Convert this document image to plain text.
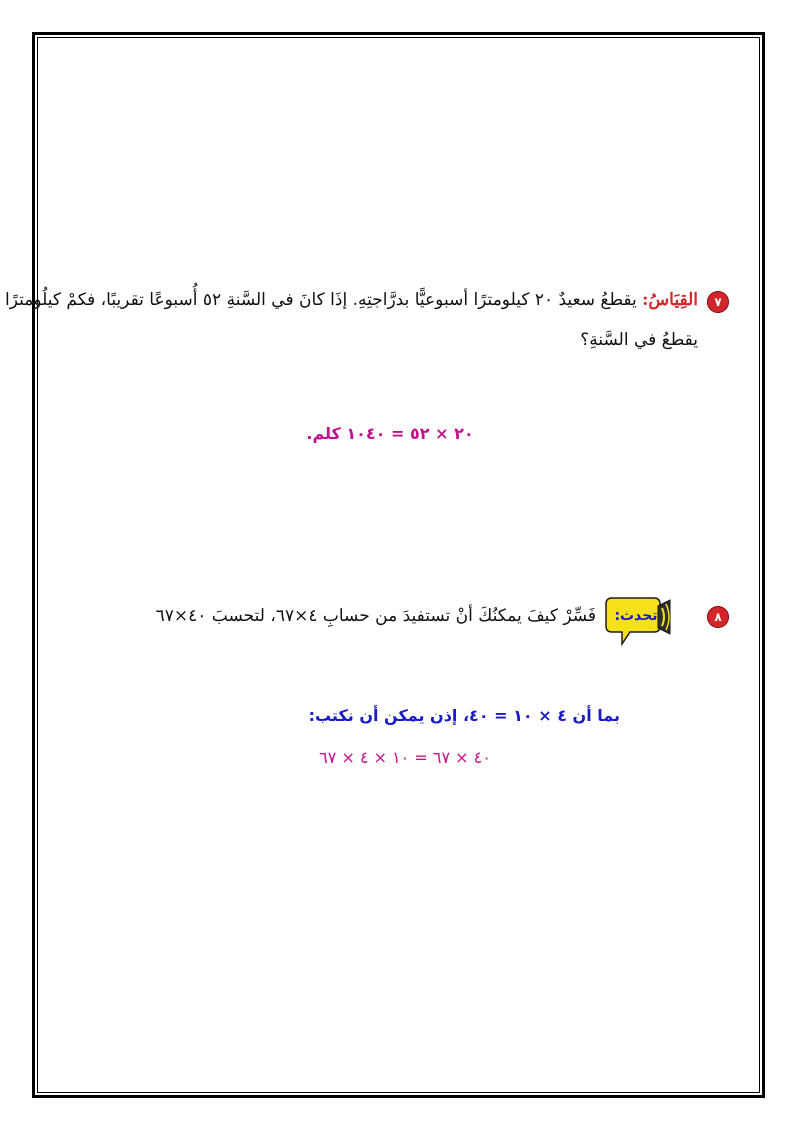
٧
القِيَاسُ: يقطعُ سعيدٌ ٢٠ كيلومترًا أسبوعيًّا بدرَّاجتِهِ. إذَا كانَ في السَّنةِ ٥٢ أُسبوعًا تقريبًا، فكمْ كيلُومترًا
يقطعُ في السَّنةِ؟
٢٠ × ٥٢ = ١٠٤٠ كلم.
٨
تحدث:
فَسِّرْ كيفَ يمكنُكَ أنْ تستفيدَ من حسابِ ٤×٦٧، لتحسبَ ٤٠×٦٧
بما أن ٤ × ١٠ = ٤٠، إذن يمكن أن نكتب:
٤٠ × ٦٧ = ١٠ × ٤ × ٦٧
